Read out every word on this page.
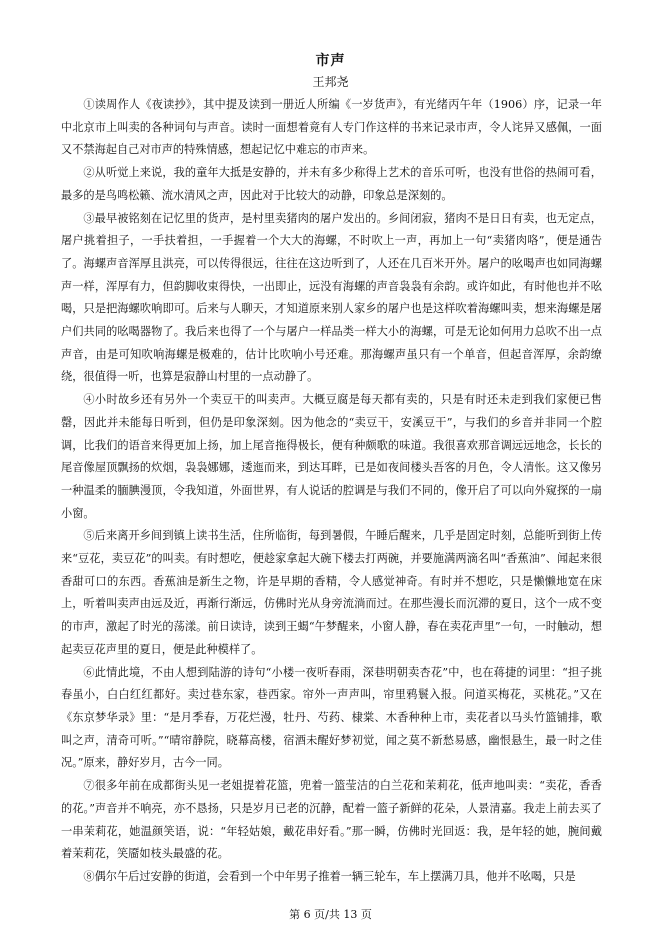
市声
王邦尧

①读周作人《夜读抄》，其中提及读到一册近人所编《一岁货声》，有光绪丙午年（1906）序，记录一年中北京市上叫卖的各种词句与声音。读时一面想着竟有人专门作这样的书来记录市声，令人诧异又感佩，一面又不禁海起自己对市声的特殊情感，想起记忆中难忘的市声来。

②从听觉上来说，我的童年大抵是安静的，并未有多少称得上艺术的音乐可听，也没有世俗的热闹可看，最多的是鸟鸣松籁、流水清风之声，因此对于比较大的动静，印象总是深刻的。

③最早被铭刻在记忆里的货声，是村里卖猪肉的屠户发出的。乡间闭寂，猪肉不是日日有卖，也无定点，屠户挑着担子，一手扶着担，一手握着一个大大的海螺，不时吹上一声，再加上一句“卖猪肉咯”，便是通告了。海螺声音浑厚且洪亮，可以传得很远，往往在这边听到了，人还在几百米开外。屠户的吆喝声也如同海螺声一样，浑厚有力，但韵脚收束得快，一出即止，远没有海螺的声音袅袅有余韵。或许如此，有时他也并不吆喝，只是把海螺吹响即可。后来与人聊天，才知道原来别人家乡的屠户也是这样吹着海螺叫卖，想来海螺是屠户们共同的吆喝器物了。我后来也得了一个与屠户一样品类一样大小的海螺，可是无论如何用力总吹不出一点声音，由是可知吹响海螺是极难的，估计比吹响小号还难。那海螺声虽只有一个单音，但起音浑厚，余韵缭绕，很值得一听，也算是寂静山村里的一点动静了。

④小时故乡还有另外一个卖豆干的叫卖声。大概豆腐是每天都有卖的，只是有时还未走到我们家便已售罄，因此并未能每日听到，但仍是印象深刻。因为他念的“卖豆干，安溪豆干”，与我们的乡音并非同一个腔调，比我们的语音来得更加上扬，加上尾音拖得极长，便有种颇歌的味道。我很喜欢那音调远远地念，长长的尾音像屋顶飘扬的炊烟，袅袅娜娜，逶迤而来，到达耳畔，已是如夜间楼头吾客的月色，令人清怅。这又像另一种温柔的腼腆漫顶，令我知道，外面世界，有人说话的腔调是与我们不同的，像开启了可以向外窥探的一扇小窗。

⑤后来离开乡间到镇上读书生活，住所临街，每到暑假，午睡后醒来，几乎是固定时刻，总能听到街上传来“豆花，卖豆花”的叫卖。有时想吃，便趁家拿起大碗下楼去打两碗，并要施满两滴名叫“香蕉油”、闻起来很香甜可口的东西。香蕉油是新生之物，许是早期的香精，令人感觉神奇。有时并不想吃，只是懒懒地宽在床上，听着叫卖声由远及近，再渐行渐远，仿佛时光从身旁流淌而过。在那些漫长而沉滞的夏日，这个一成不变的市声，激起了时光的荡漾。前日读诗，读到王蝎“午梦醒来，小窗人静，春在卖花声里”一句，一时触动，想起卖豆花声里的夏日，便是此种模样了。

⑥此情此境，不由人想到陆游的诗句“小楼一夜听春雨，深巷明朝卖杏花”中，也在蒋捷的词里：“担子挑春虽小，白白红红都好。卖过巷东家，巷西家。帘外一声声叫，帘里鸦鬟入报。问道买梅花，买桃花。”又在《东京梦华录》里：“是月季春，万花烂漫，牡丹、芍药、棣棠、木香种种上市，卖花者以马头竹篮铺排，歌叫之声，清奇可听。”“晴帘静院，晓幕高楼，宿酒未醒好梦初觉，闻之莫不新愁易感，幽恨悬生，最一时之佳况。”原来，静好岁月，古今一同。

⑦很多年前在成都街头见一老姐提着花篮，兜着一篮莹洁的白兰花和茉莉花，低声地叫卖：“卖花，香香的花。”声音并不响亮，亦不恳扬，只是岁月已老的沉静，配着一篮子新鲜的花朵，人景清嘉。我走上前去买了一串茉莉花，她温颜笑语，说：“年轻姑娘，戴花串好看。”那一瞬，仿佛时光回返：我，是年轻的她，腕间戴着茉莉花，笑靥如枝头最盛的花。

⑧偶尔午后过安静的街道，会看到一个中年男子推着一辆三轮车，车上摆满刀具，他并不吆喝，只是

第 6 页/共 13 页
